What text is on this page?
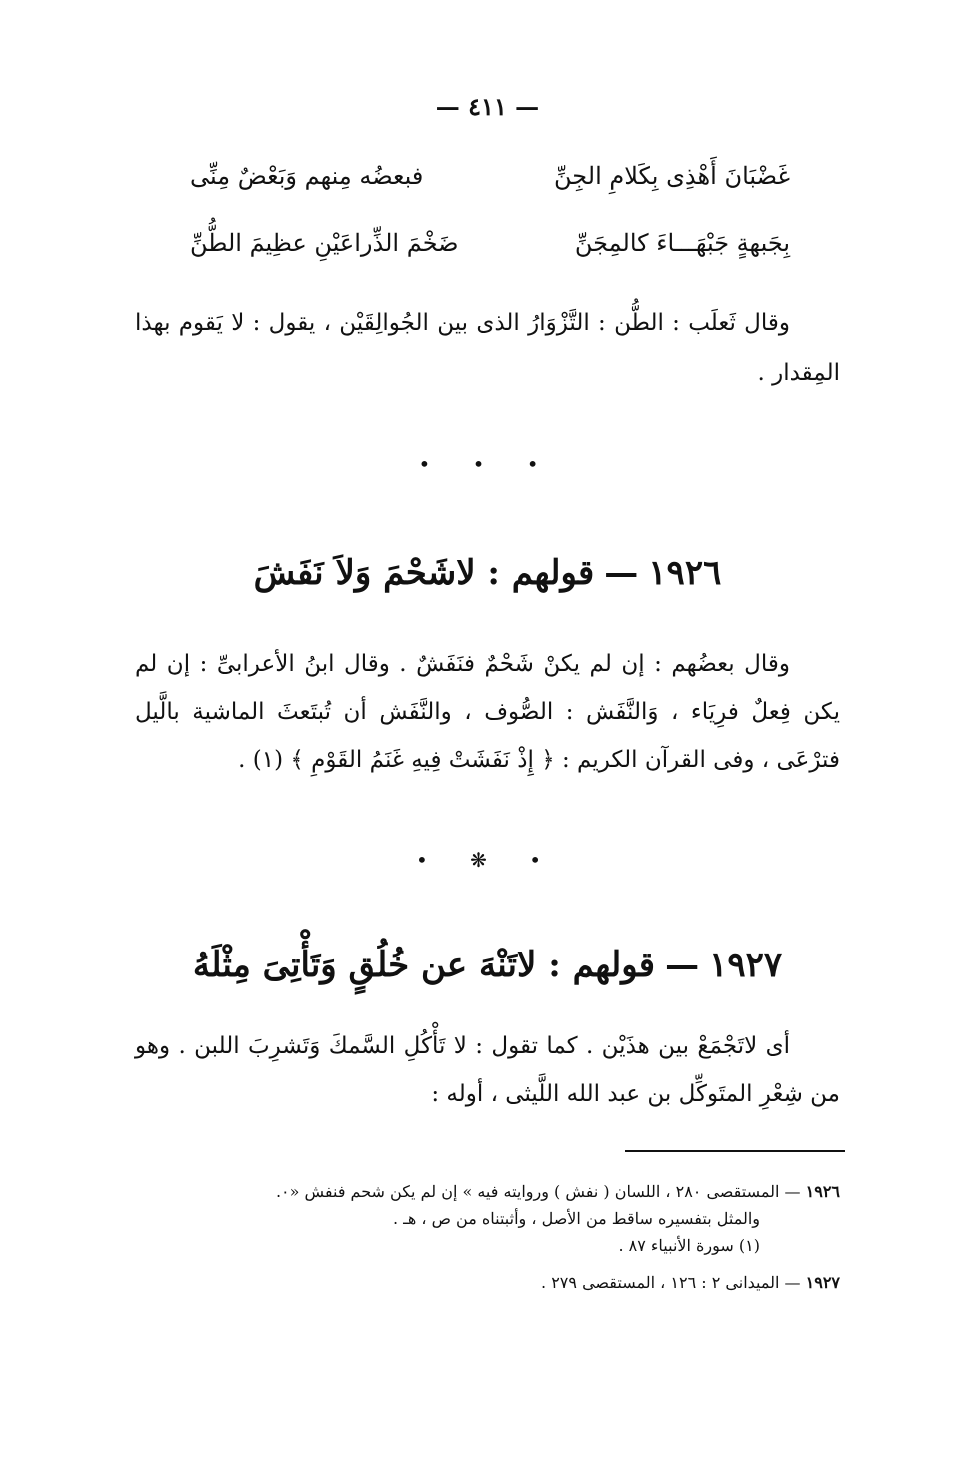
— ٤١١ —
غَضْبَانَ أَهْذِى بِكَلامِ الجِنِّ
فبعضُه مِنهم وَبَعْضٌ مِنِّى
بِجَبهةٍ جَبْهَـــاءَ كالمِجَنِّ
ضَخْمَ الذِّراعَيْنِ عظِيمَ الطُّنِّ
وقال ثَعلَب : الطُّن : التَّزْوَارُ الذى بين الجُوالِقَيْن ، يقول : لا يَقوم بهذا المِقدار .
• • •
١٩٢٦—قولهم : لاشَحْمَ وَلاَ نَفَشَ
وقال بعضُهم : إن لم يكنْ شَحْمٌ فنَفَشٌ . وقال ابنُ الأعرابىِّ : إن لم يكن فِعلٌ فرِيَاء ، وَالنَّفَش : الصُّوف ، والنَّفَش أن تُبتَعثَ الماشية بالَّيل فترْعَى ، وفى القرآن الكريم : ﴿ إِذْ نَفَشَتْ فِيهِ غَنَمُ القَوْمِ ﴾ (١) .
• ❋ •
١٩٢٧—قولهم : لاتَنْهَ عن خُلُقٍ وَتَأْتِىَ مِثْلَهُ
أى لاتَجْمَعْ بين هذَيْن . كما تقول : لا تَأْكُلِ السَّمكَ وَتَشرِبَ اللبن . وهو من شِعْرِ المتَوكِّل بن عبد الله اللَّيثى ، أوله :
١٩٢٦ — المستقصى ٢٨٠ ، اللسان ( نفش ) وروايته فيه » إن لم يكن شحم فنفش «٠.
والمثل بتفسيره ساقط من الأصل ، وأثبتناه من ص ، هـ .
(١) سورة الأنبياء ٨٧ .
١٩٢٧ — الميدانى ٢ : ١٢٦ ، المستقصى ٢٧٩ .
